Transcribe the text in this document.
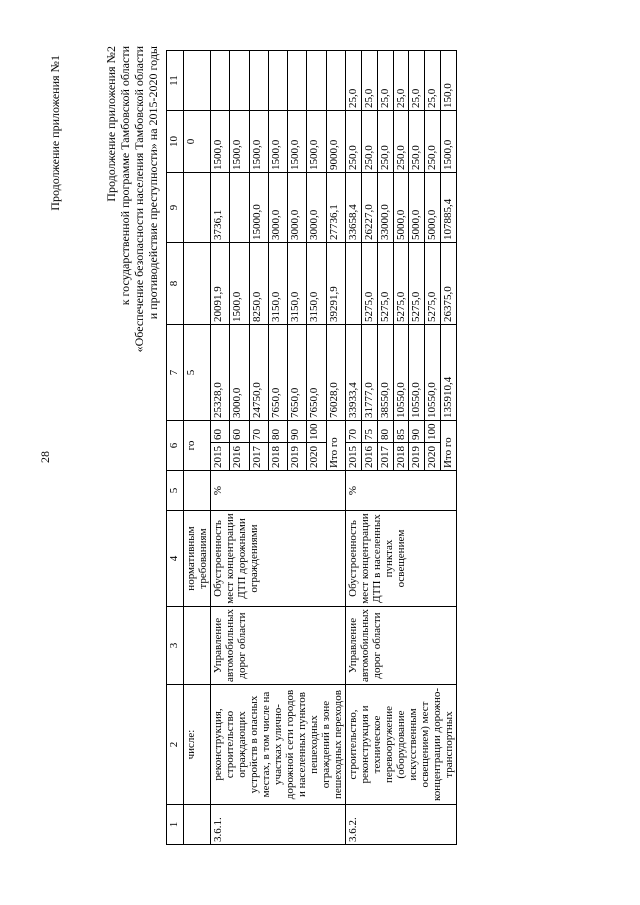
28
Продолжение приложения №1	Продолжение приложения №2 к государственной программе Тамбовской области «Обеспечение безопасности населения Тамбовской области и противодействие преступности» на 2015-2020 годы
1	2	3	4	5	6		7	8	9	10	11
	числе:		нормативным требованиям		го		5			0	
3.6.1.	реконструкция, строительство ограждающих устройств в опасных местах, в том числе на участках улично-дорожной сети городов и населенных пунктов пешеходных ограждений в зоне пешеходных переходов	Управление автомобильных дорог области	Обустроенность мест концентрации ДТП дорожными ограждениями	%	2015	60	25328,0	20091,9	3736,1	1500,0	
					2016	60	3000,0	1500,0		1500,0	
					2017	70	24750,0	8250,0	15000,0	1500,0	
					2018	80	7650,0	3150,0	3000,0	1500,0	
					2019	90	7650,0	3150,0	3000,0	1500,0	
					2020	100	7650,0	3150,0	3000,0	1500,0	
					Ито го		76028,0	39291,9	27736,1	9000,0	
3.6.2.	строительство, реконструкция и техническое перевооружение (оборудование искусственным освещением) мест концентрации дорожно-транспортных	Управление автомобильных дорог области	Обустроенность мест концентрации ДТП в населенных пунктах освещением	%	2015	70	33933,4		33658,4	250,0	25,0
					2016	75	31777,0	5275,0	26227,0	250,0	25,0
					2017	80	38550,0	5275,0	33000,0	250,0	25,0
					2018	85	10550,0	5275,0	5000,0	250,0	25,0
					2019	90	10550,0	5275,0	5000,0	250,0	25,0
					2020	100	10550,0	5275,0	5000,0	250,0	25,0
					Ито го		135910,4	26375,0	107885,4	1500,0	150,0
